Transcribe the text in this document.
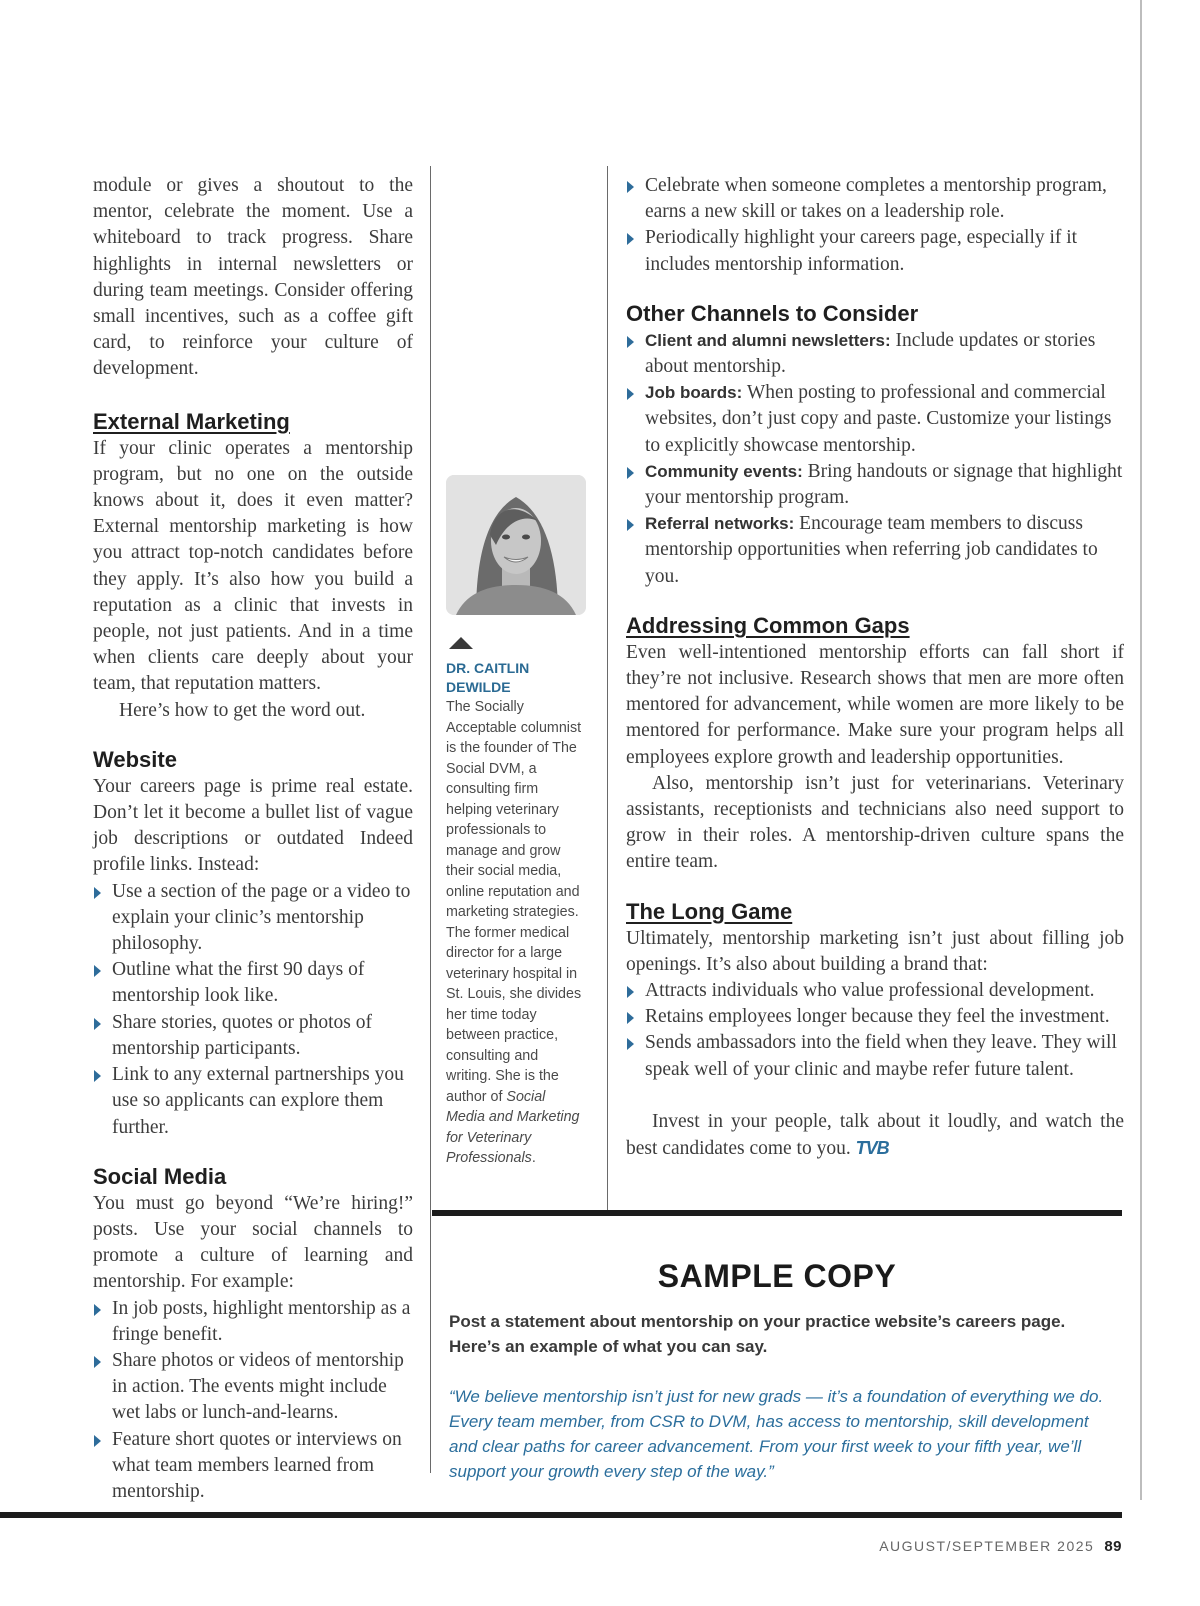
module or gives a shoutout to the mentor, celebrate the moment. Use a whiteboard to track progress. Share highlights in internal newsletters or during team meetings. Consider offering small incentives, such as a coffee gift card, to reinforce your culture of development.

External Marketing

If your clinic operates a mentorship program, but no one on the outside knows about it, does it even matter? External mentorship marketing is how you attract top-notch candidates before they apply. It’s also how you build a reputation as a clinic that invests in people, not just patients. And in a time when clients care deeply about your team, that reputation matters.

Here’s how to get the word out.

Website

Your careers page is prime real estate. Don’t let it become a bullet list of vague job descriptions or outdated Indeed profile links. Instead:

Use a section of the page or a video to explain your clinic’s mentorship philosophy.
Outline what the first 90 days of mentorship look like.
Share stories, quotes or photos of mentorship participants.
Link to any external partnerships you use so applicants can explore them further.
Social Media

You must go beyond “We’re hiring!” posts. Use your social channels to promote a culture of learning and mentorship. For example:

In job posts, highlight mentorship as a fringe benefit.
Share photos or videos of mentorship in action. The events might include wet labs or lunch-and-learns.
Feature short quotes or interviews on what team members learned from mentorship.
DR. CAITLIN DEWILDE
The Socially Acceptable columnist is the founder of The Social DVM, a consulting firm helping veterinary professionals to manage and grow their social media, online reputation and marketing strategies. The former medical director for a large veterinary hospital in St. Louis, she divides her time today between practice, consulting and writing. She is the author of Social Media and Marketing for Veterinary Professionals.
Celebrate when someone completes a mentorship program, earns a new skill or takes on a leadership role.
Periodically highlight your careers page, especially if it includes mentorship information.
Other Channels to Consider
Client and alumni newsletters: Include updates or stories about mentorship.
Job boards: When posting to professional and commercial websites, don’t just copy and paste. Customize your listings to explicitly showcase mentorship.
Community events: Bring handouts or signage that highlight your mentorship program.
Referral networks: Encourage team members to discuss mentorship opportunities when referring job candidates to you.
Addressing Common Gaps

Even well-intentioned mentorship efforts can fall short if they’re not inclusive. Research shows that men are more often mentored for advancement, while women are more likely to be mentored for performance. Make sure your program helps all employees explore growth and leadership opportunities.

Also, mentorship isn’t just for veterinarians. Veterinary assistants, receptionists and technicians also need support to grow in their roles. A mentorship-driven culture spans the entire team.

The Long Game

Ultimately, mentorship marketing isn’t just about filling job openings. It’s also about building a brand that:

Attracts individuals who value professional development.
Retains employees longer because they feel the investment.
Sends ambassadors into the field when they leave. They will speak well of your clinic and maybe refer future talent.

Invest in your people, talk about it loudly, and watch the best candidates come to you. TVB

SAMPLE COPY
Post a statement about mentorship on your practice website’s careers page. Here’s an example of what you can say.
“We believe mentorship isn’t just for new grads — it’s a foundation of everything we do. Every team member, from CSR to DVM, has access to mentorship, skill development and clear paths for career advancement. From your first week to your fifth year, we’ll support your growth every step of the way.”
AUGUST/SEPTEMBER 2025 89
